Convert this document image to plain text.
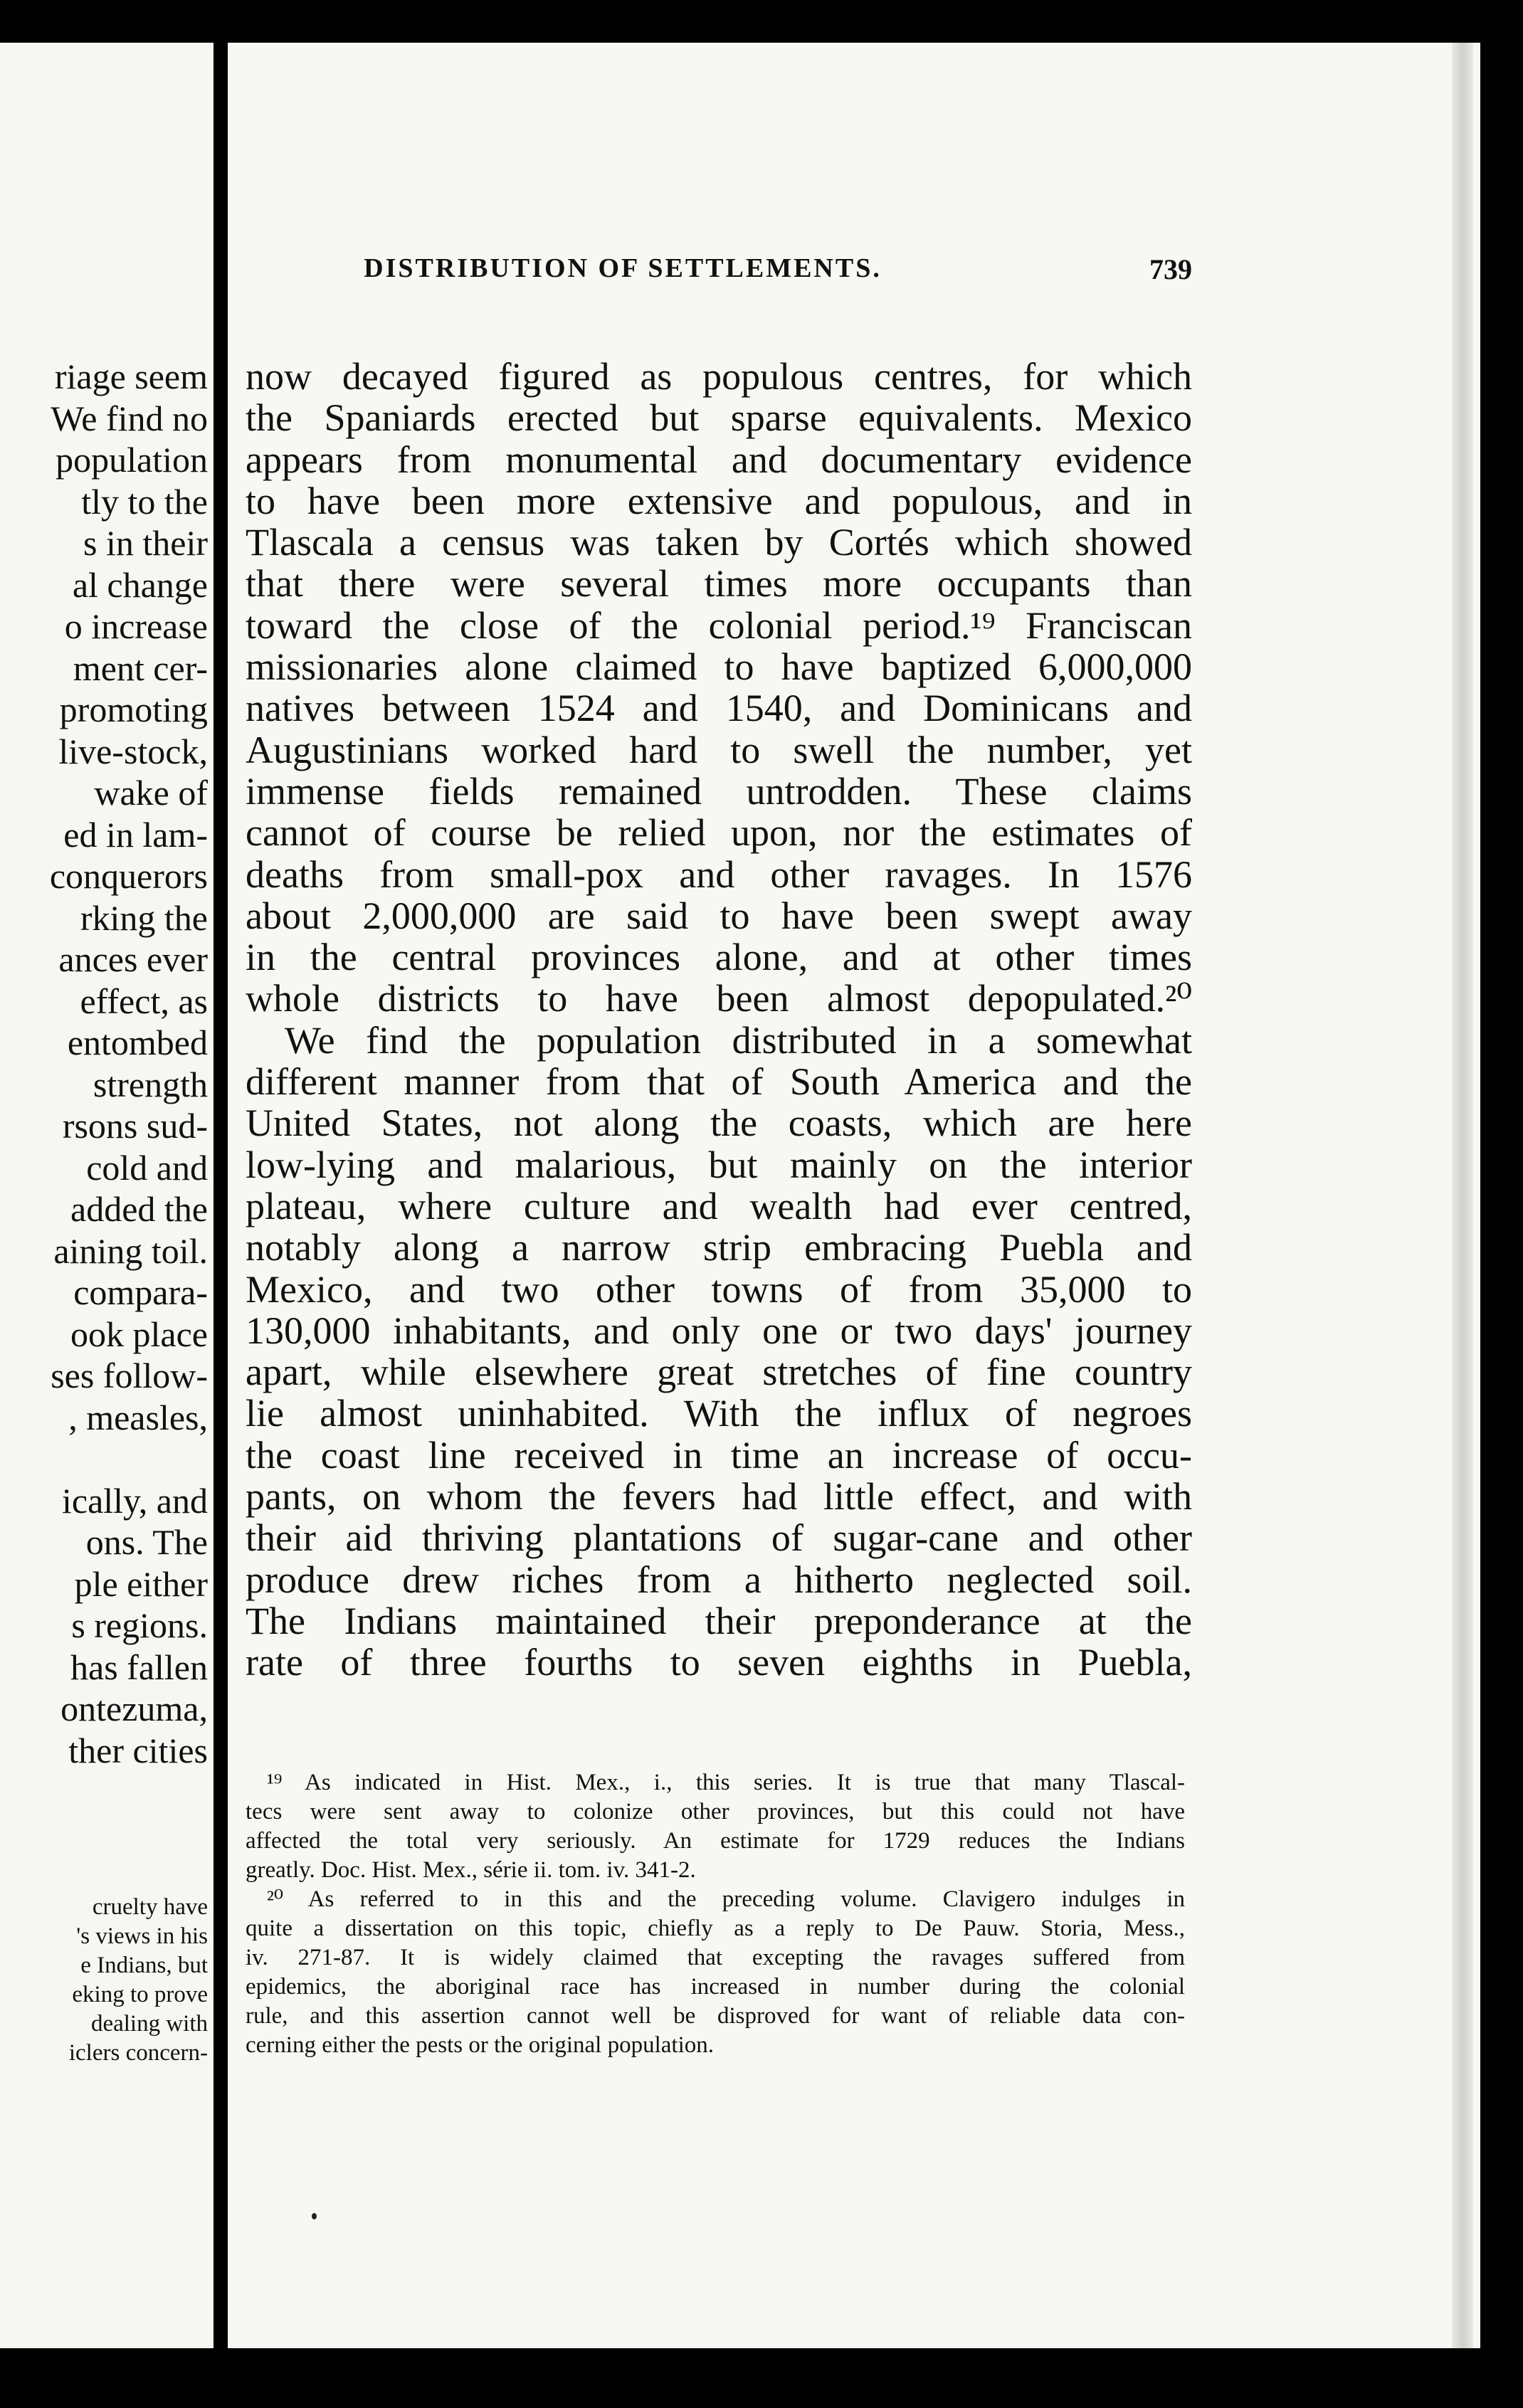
riage seem
We find no
population
tly to the
s in their
al change
o increase
ment cer-
promoting
live-stock,
wake of
ed in lam-
conquerors
rking the
ances ever
effect, as
entombed
strength
rsons sud-
cold and
added the
aining toil.
compara-
ook place
ses follow-
, measles,

ically, and
ons. The
ple either
s regions.
has fallen
ontezuma,
ther cities
cruelty have
's views in his
e Indians, but
eking to prove
dealing with
iclers concern-
DISTRIBUTION OF SETTLEMENTS.	739
now decayed figured as populous centres, for which
the Spaniards erected but sparse equivalents. Mexico
appears from monumental and documentary evidence
to have been more extensive and populous, and in
Tlascala a census was taken by Cortés which showed
that there were several times more occupants than
toward the close of the colonial period.¹⁹ Franciscan
missionaries alone claimed to have baptized 6,000,000
natives between 1524 and 1540, and Dominicans and
Augustinians worked hard to swell the number, yet
immense fields remained untrodden. These claims
cannot of course be relied upon, nor the estimates of
deaths from small-pox and other ravages. In 1576
about 2,000,000 are said to have been swept away
in the central provinces alone, and at other times
whole districts to have been almost depopulated.²⁰
We find the population distributed in a somewhat
different manner from that of South America and the
United States, not along the coasts, which are here
low-lying and malarious, but mainly on the interior
plateau, where culture and wealth had ever centred,
notably along a narrow strip embracing Puebla and
Mexico, and two other towns of from 35,000 to
130,000 inhabitants, and only one or two days' journey
apart, while elsewhere great stretches of fine country
lie almost uninhabited. With the influx of negroes
the coast line received in time an increase of occu-
pants, on whom the fevers had little effect, and with
their aid thriving plantations of sugar-cane and other
produce drew riches from a hitherto neglected soil.
The Indians maintained their preponderance at the
rate of three fourths to seven eighths in Puebla,
¹⁹ As indicated in Hist. Mex., i., this series. It is true that many Tlascal-
tecs were sent away to colonize other provinces, but this could not have
affected the total very seriously. An estimate for 1729 reduces the Indians
greatly. Doc. Hist. Mex., série ii. tom. iv. 341-2.
²⁰ As referred to in this and the preceding volume. Clavigero indulges in
quite a dissertation on this topic, chiefly as a reply to De Pauw. Storia, Mess.,
iv. 271-87. It is widely claimed that excepting the ravages suffered from
epidemics, the aboriginal race has increased in number during the colonial
rule, and this assertion cannot well be disproved for want of reliable data con-
cerning either the pests or the original population.
